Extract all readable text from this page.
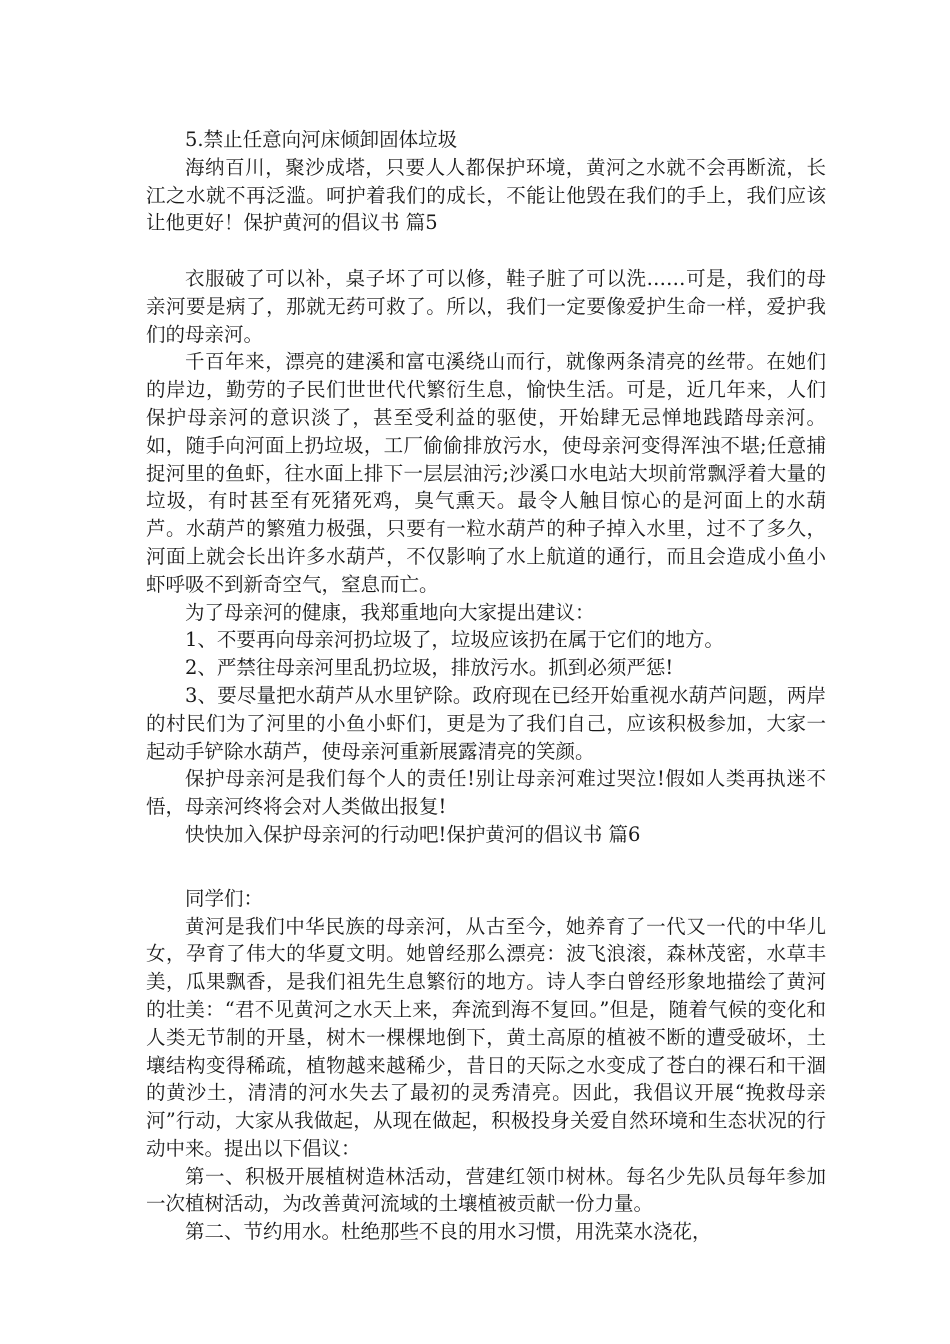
5.禁止任意向河床倾卸固体垃圾

海纳百川，聚沙成塔，只要人人都保护环境，黄河之水就不会再断流，长江之水就不再泛滥。呵护着我们的成长，不能让他毁在我们的手上，我们应该让他更好！保护黄河的倡议书 篇5

衣服破了可以补，桌子坏了可以修，鞋子脏了可以洗……可是，我们的母亲河要是病了，那就无药可救了。所以，我们一定要像爱护生命一样，爱护我们的母亲河。

千百年来，漂亮的建溪和富屯溪绕山而行，就像两条清亮的丝带。在她们的岸边，勤劳的子民们世世代代繁衍生息，愉快生活。可是，近几年来，人们保护母亲河的意识淡了，甚至受利益的驱使，开始肆无忌惮地践踏母亲河。如，随手向河面上扔垃圾，工厂偷偷排放污水，使母亲河变得浑浊不堪;任意捕捉河里的鱼虾，往水面上排下一层层油污;沙溪口水电站大坝前常飘浮着大量的垃圾，有时甚至有死猪死鸡，臭气熏天。最令人触目惊心的是河面上的水葫芦。水葫芦的繁殖力极强，只要有一粒水葫芦的种子掉入水里，过不了多久，河面上就会长出许多水葫芦，不仅影响了水上航道的通行，而且会造成小鱼小虾呼吸不到新奇空气，窒息而亡。

为了母亲河的健康，我郑重地向大家提出建议：

1、不要再向母亲河扔垃圾了，垃圾应该扔在属于它们的地方。

2、严禁往母亲河里乱扔垃圾，排放污水。抓到必须严惩!

3、要尽量把水葫芦从水里铲除。政府现在已经开始重视水葫芦问题，两岸的村民们为了河里的小鱼小虾们，更是为了我们自己，应该积极参加，大家一起动手铲除水葫芦，使母亲河重新展露清亮的笑颜。

保护母亲河是我们每个人的责任!别让母亲河难过哭泣!假如人类再执迷不悟，母亲河终将会对人类做出报复!

快快加入保护母亲河的行动吧!保护黄河的倡议书 篇6

同学们：

黄河是我们中华民族的母亲河，从古至今，她养育了一代又一代的中华儿女，孕育了伟大的华夏文明。她曾经那么漂亮：波飞浪滚，森林茂密，水草丰美，瓜果飘香，是我们祖先生息繁衍的地方。诗人李白曾经形象地描绘了黄河的壮美：“君不见黄河之水天上来，奔流到海不复回。”但是，随着气候的变化和人类无节制的开垦，树木一棵棵地倒下，黄土高原的植被不断的遭受破坏，土壤结构变得稀疏，植物越来越稀少，昔日的天际之水变成了苍白的裸石和干涸的黄沙土，清清的河水失去了最初的灵秀清亮。因此，我倡议开展“挽救母亲河”行动，大家从我做起，从现在做起，积极投身关爱自然环境和生态状况的行动中来。提出以下倡议：

第一、积极开展植树造林活动，营建红领巾树林。每名少先队员每年参加一次植树活动，为改善黄河流域的土壤植被贡献一份力量。

第二、节约用水。杜绝那些不良的用水习惯，用洗菜水浇花，
